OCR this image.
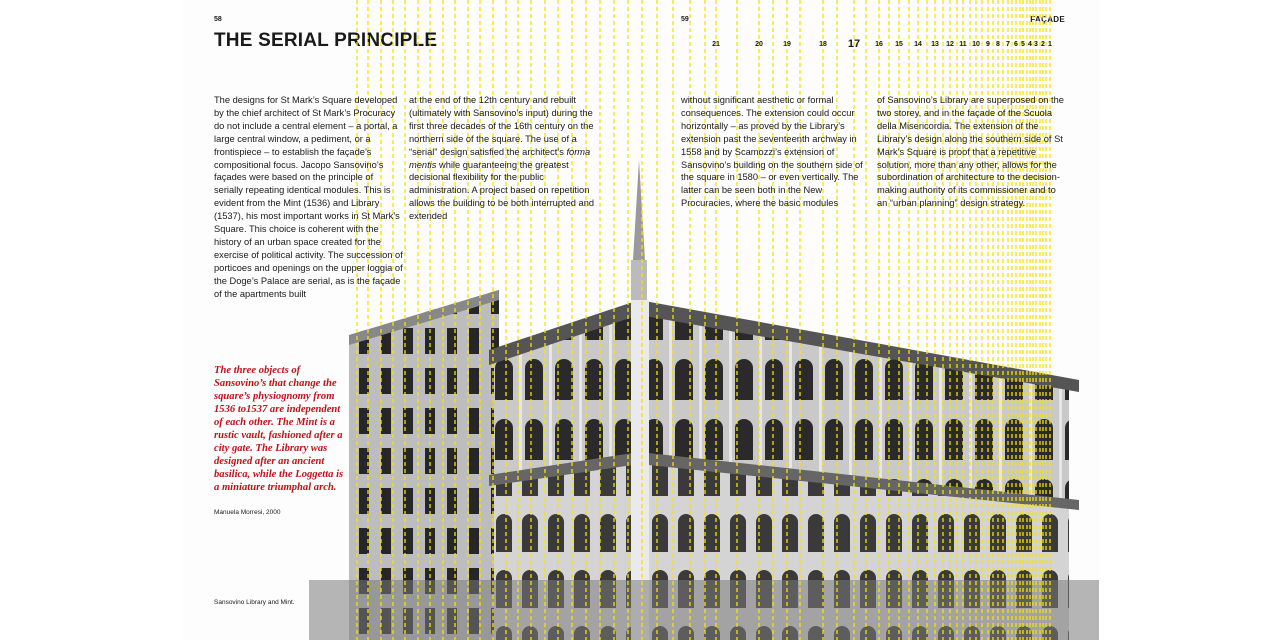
58	59
THE SERIAL PRINCIPLE
FAÇADE
21	20	19	18 17 16 15 14 13 12 11 10 9 8 7 6 5 4 3 2 1

The designs for St Mark’s Square developed by the chief architect of St Mark’s Procuracy do not include a central element – a portal, a large central window, a pediment, or a frontispiece – to establish the façade’s compositional focus. Jacopo Sansovino’s façades were based on the principle of serially repeating identical modules. This is evident from the Mint (1536) and Library (1537), his most important works in St Mark’s Square. This choice is coherent with the history of an urban space created for the exercise of political activity. The succession of porticoes and openings on the upper loggia of the Doge’s Palace are serial, as is the façade of the apartments built

at the end of the 12th century and rebuilt (ultimately with Sansovino’s input) during the first three decades of the 16th century on the northern side of the square. The use of a “serial” design satisfied the architect’s forma mentis while guaranteeing the greatest decisional flexibility for the public administration. A project based on repetition allows the building to be both interrupted and extended

without significant aesthetic or formal consequences. The extension could occur horizontally – as proved by the Library’s extension past the seventeenth archway in 1558 and by Scamozzi’s extension of Sansovino’s building on the southern side of the square in 1580 – or even vertically. The latter can be seen both in the New Procuracies, where the basic modules

of Sansovino’s Library are superposed on the two storey, and in the façade of the Scuola della Misericordia. The extension of the Library’s design along the southern side of St Mark’s Square is proof that a repetitive solution, more than any other, allows for the subordination of architecture to the decision-making authority of its commissioner and to an “urban planning” design strategy.

The three objects of Sansovino’s that change the square’s physiognomy from 1536 to1537 are independent of each other. The Mint is a rustic vault, fashioned after a city gate. The Library was designed after an ancient basilica, while the Loggetta is a miniature triumphal arch.
Manuela Morresi, 2000
Sansovino Library and Mint.
